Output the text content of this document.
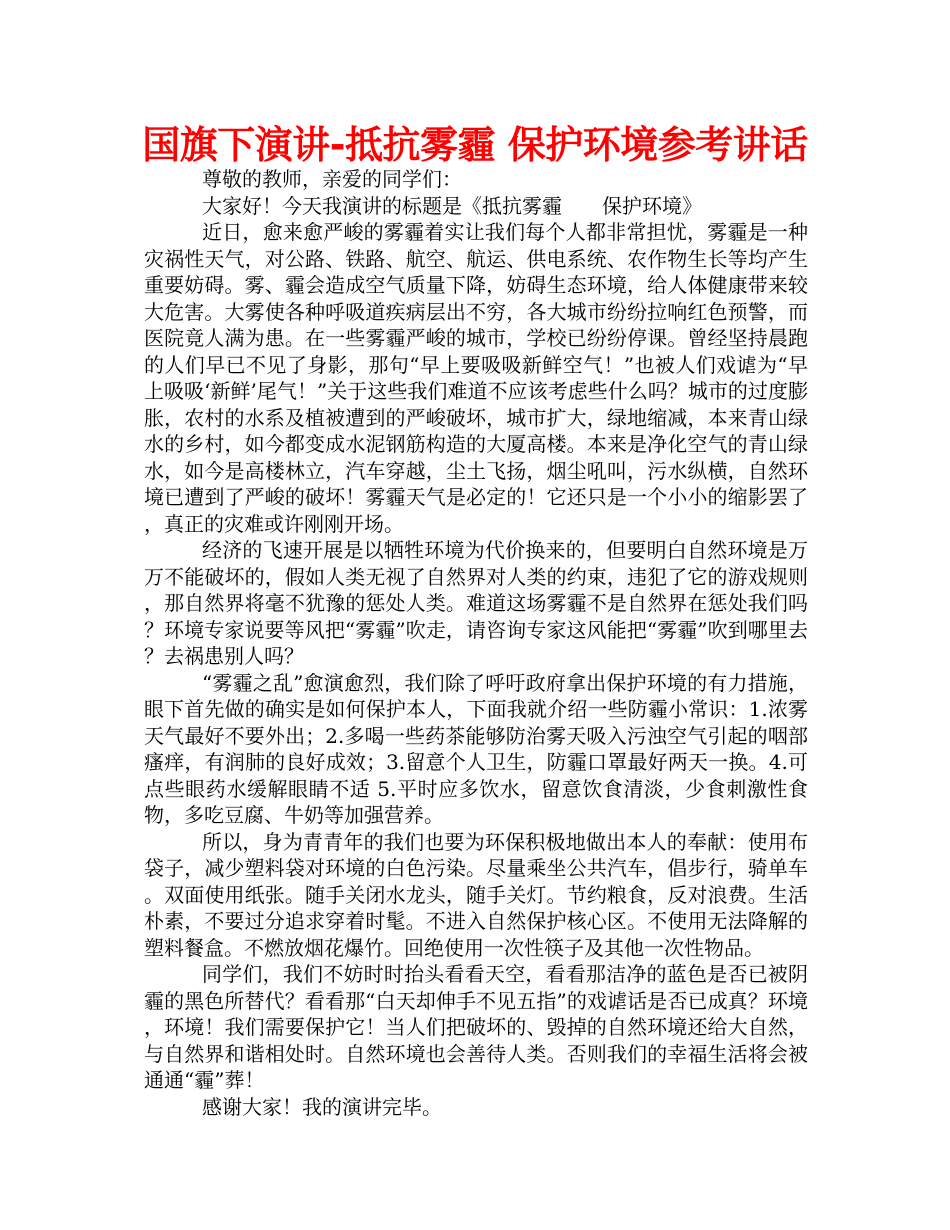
国旗下演讲-抵抗雾霾 保护环境参考讲话

尊敬的教师，亲爱的同学们：

大家好！今天我演讲的标题是《抵抗雾霾　　保护环境》

近日，愈来愈严峻的雾霾着实让我们每个人都非常担忧，雾霾是一种灾祸性天气，对公路、铁路、航空、航运、供电系统、农作物生长等均产生重要妨碍。雾、霾会造成空气质量下降，妨碍生态环境，给人体健康带来较大危害。大雾使各种呼吸道疾病层出不穷，各大城市纷纷拉响红色预警，而医院竟人满为患。在一些雾霾严峻的城市，学校已纷纷停课。曾经坚持晨跑的人们早已不见了身影，那句“早上要吸吸新鲜空气！”也被人们戏谑为“早上吸吸‘新鲜’尾气！”关于这些我们难道不应该考虑些什么吗？城市的过度膨胀，农村的水系及植被遭到的严峻破坏，城市扩大，绿地缩减，本来青山绿水的乡村，如今都变成水泥钢筋构造的大厦高楼。本来是净化空气的青山绿水，如今是高楼林立，汽车穿越，尘土飞扬，烟尘吼叫，污水纵横，自然环境已遭到了严峻的破坏！雾霾天气是必定的！它还只是一个小小的缩影罢了，真正的灾难或许刚刚开场。

经济的飞速开展是以牺牲环境为代价换来的，但要明白自然环境是万万不能破坏的，假如人类无视了自然界对人类的约束，违犯了它的游戏规则，那自然界将毫不犹豫的惩处人类。难道这场雾霾不是自然界在惩处我们吗？环境专家说要等风把“雾霾”吹走，请咨询专家这风能把“雾霾”吹到哪里去？去祸患别人吗？

“雾霾之乱”愈演愈烈，我们除了呼吁政府拿出保护环境的有力措施，眼下首先做的确实是如何保护本人，下面我就介绍一些防霾小常识：1.浓雾天气最好不要外出；2.多喝一些药茶能够防治雾天吸入污浊空气引起的咽部瘙痒，有润肺的良好成效；3.留意个人卫生，防霾口罩最好两天一换。4.可点些眼药水缓解眼睛不适 5.平时应多饮水，留意饮食清淡，少食刺激性食物，多吃豆腐、牛奶等加强营养。

所以，身为青青年的我们也要为环保积极地做出本人的奉献：使用布袋子，减少塑料袋对环境的白色污染。尽量乘坐公共汽车，倡步行，骑单车。双面使用纸张。随手关闭水龙头，随手关灯。节约粮食，反对浪费。生活朴素，不要过分追求穿着时髦。不进入自然保护核心区。不使用无法降解的塑料餐盒。不燃放烟花爆竹。回绝使用一次性筷子及其他一次性物品。

同学们，我们不妨时时抬头看看天空，看看那洁净的蓝色是否已被阴霾的黑色所替代？看看那“白天却伸手不见五指”的戏谑话是否已成真？环境，环境！我们需要保护它！当人们把破坏的、毁掉的自然环境还给大自然，与自然界和谐相处时。自然环境也会善待人类。否则我们的幸福生活将会被通通“霾”葬！

感谢大家！我的演讲完毕。
